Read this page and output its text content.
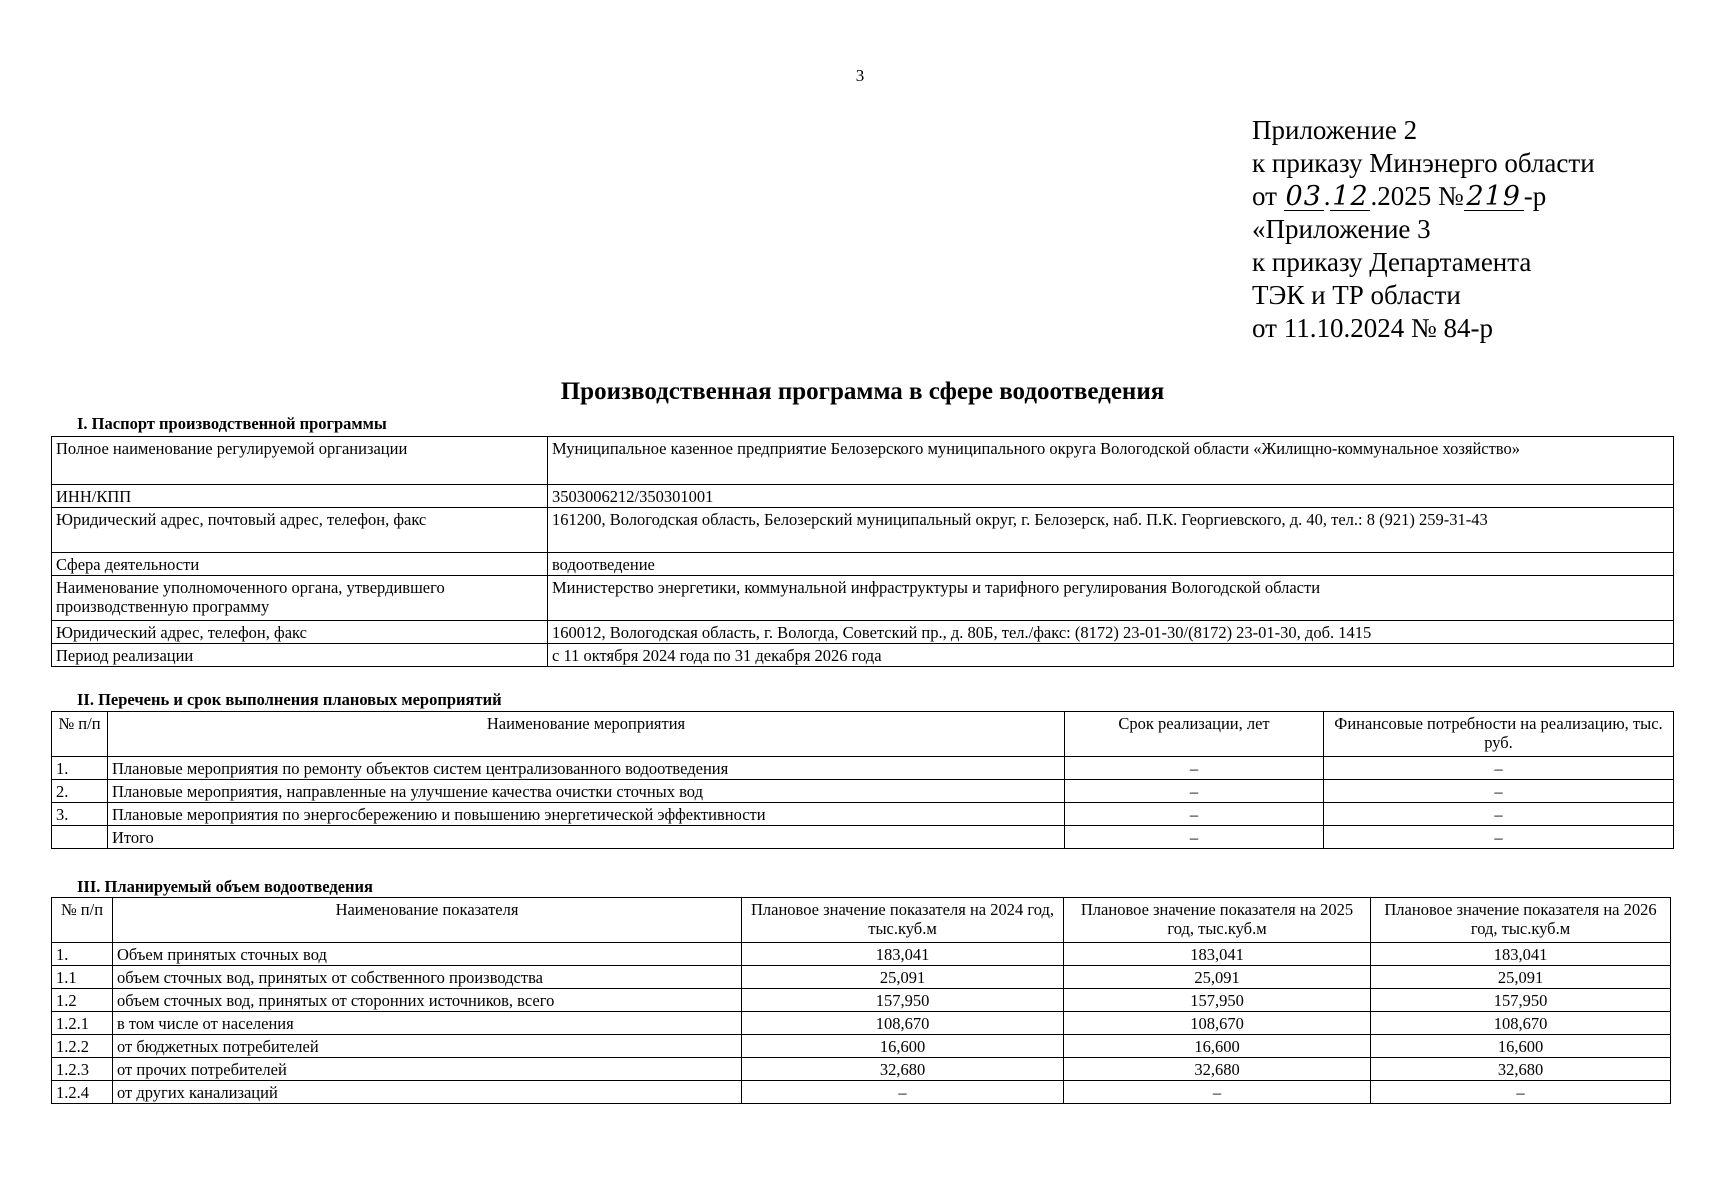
3
Приложение 2
к приказу Минэнерго области
от 03.12.2025 № 219 -р
«Приложение 3
к приказу Департамента
ТЭК и ТР области
от 11.10.2024 № 84-р
Производственная программа в сфере водоотведения
I. Паспорт производственной программы
Полное наименование регулируемой организации	Муниципальное казенное предприятие Белозерского муниципального округа Вологодской области «Жилищно-коммунальное хозяйство»
ИНН/КПП	3503006212/350301001
Юридический адрес, почтовый адрес, телефон, факс	161200, Вологодская область, Белозерский муниципальный округ, г. Белозерск, наб. П.К. Георгиевского, д. 40, тел.: 8 (921) 259-31-43
Сфера деятельности	водоотведение
Наименование уполномоченного органа, утвердившего производственную программу	Министерство энергетики, коммунальной инфраструктуры и тарифного регулирования Вологодской области
Юридический адрес, телефон, факс	160012, Вологодская область, г. Вологда, Советский пр., д. 80Б, тел./факс: (8172) 23-01-30/(8172) 23-01-30, доб. 1415
Период реализации	с 11 октября 2024 года по 31 декабря 2026 года
II. Перечень и срок выполнения плановых мероприятий
№ п/п	Наименование мероприятия	Срок реализации, лет	Финансовые потребности на реализацию, тыс. руб.
1.	Плановые мероприятия по ремонту объектов систем централизованного водоотведения	–	–
2.	Плановые мероприятия, направленные на улучшение качества очистки сточных вод	–	–
3.	Плановые мероприятия по энергосбережению и повышению энергетической эффективности	–	–
	Итого	–	–
III. Планируемый объем водоотведения
№ п/п	Наименование показателя	Плановое значение показателя на 2024 год, тыс.куб.м	Плановое значение показателя на 2025 год, тыс.куб.м	Плановое значение показателя на 2026 год, тыс.куб.м
1.	Объем принятых сточных вод	183,041	183,041	183,041
1.1	объем сточных вод, принятых от собственного производства	25,091	25,091	25,091
1.2	объем сточных вод, принятых от сторонних источников, всего	157,950	157,950	157,950
1.2.1	в том числе от населения	108,670	108,670	108,670
1.2.2	от бюджетных потребителей	16,600	16,600	16,600
1.2.3	от прочих потребителей	32,680	32,680	32,680
1.2.4	от других канализаций	–	–	–
